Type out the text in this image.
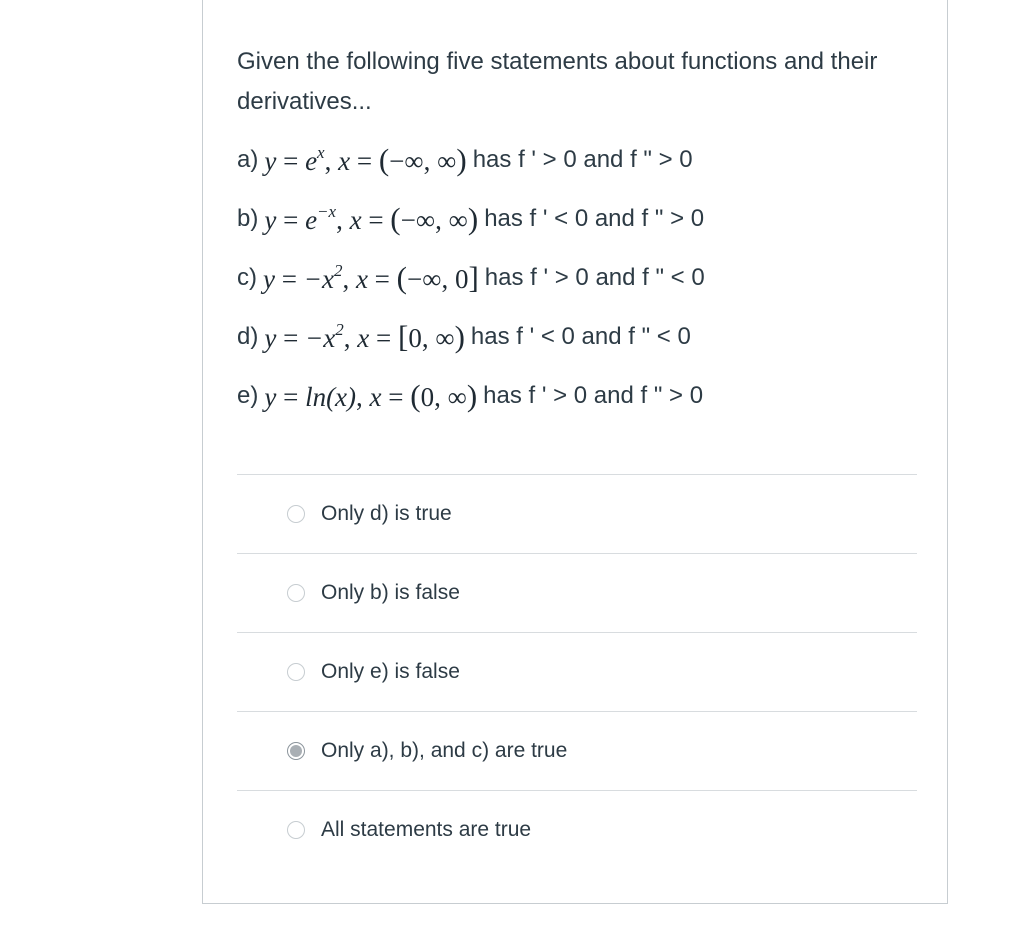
Given the following five statements about functions and their derivatives...

a) $y = e^x$, x = (−∞, ∞) has f ' > 0 and f " > 0
b) $y = e^{-x}$, x = (−∞, ∞) has f ' < 0 and f " > 0
c) $y = -x^2$, x = (−∞, 0] has f ' > 0 and f " < 0
d) $y = -x^2$, x = [0, ∞) has f ' < 0 and f " < 0
e) y = ln(x), x = (0, ∞) has f ' > 0 and f " > 0
Only d) is true
Only b) is false
Only e) is false
Only a), b), and c) are true
All statements are true
